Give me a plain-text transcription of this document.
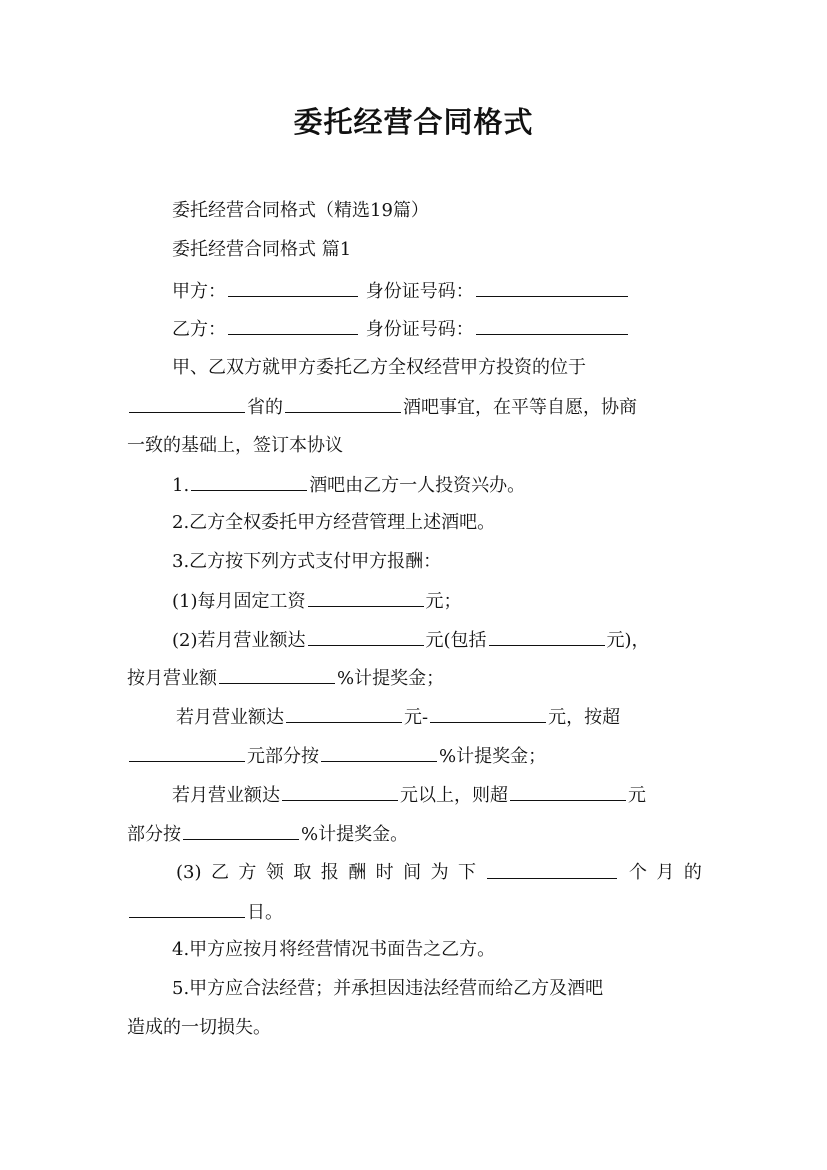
委托经营合同格式
委托经营合同格式（精选19篇）
委托经营合同格式 篇1
甲方：	身份证号码：
乙方：	身份证号码：
甲、乙双方就甲方委托乙方全权经营甲方投资的位于
省的	酒吧事宜，在平等自愿，协商
一致的基础上，签订本协议
1.	酒吧由乙方一人投资兴办。
2.乙方全权委托甲方经营管理上述酒吧。
3.乙方按下列方式支付甲方报酬：
(1)每月固定工资	元；
(2)若月营业额达	元(包括	元)，
按月营业额	%计提奖金；
若月营业额达	元-	元，按超
元部分按	%计提奖金；
若月营业额达	元以上，则超	元
部分按	%计提奖金。
(3) 乙 方 领 取 报 酬 时 间 为 下	个 月 的
日。
4.甲方应按月将经营情况书面告之乙方。
5.甲方应合法经营；并承担因违法经营而给乙方及酒吧
造成的一切损失。
